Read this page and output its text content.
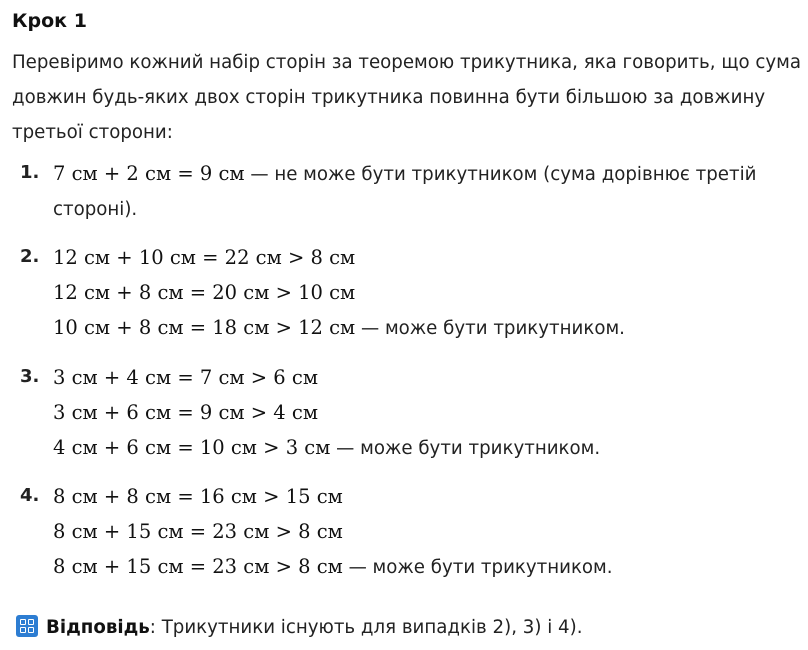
Крок 1
Перевіримо кожний набір сторін за теоремою трикутника, яка говорить, що сума
довжин будь-яких двох сторін трикутника повинна бути більшою за довжину
третьої сторони:
1. 7 см + 2 см = 9 см — не може бути трикутником (сума дорівнює третій
стороні).
2. 12 см + 10 см = 22 см > 8 см
12 см + 8 см = 20 см > 10 см
10 см + 8 см = 18 см > 12 см — може бути трикутником.
3. 3 см + 4 см = 7 см > 6 см
3 см + 6 см = 9 см > 4 см
4 см + 6 см = 10 см > 3 см — може бути трикутником.
4. 8 см + 8 см = 16 см > 15 см
8 см + 15 см = 23 см > 8 см
8 см + 15 см = 23 см > 8 см — може бути трикутником.
Відповідь: Трикутники існують для випадків 2), 3) і 4).
